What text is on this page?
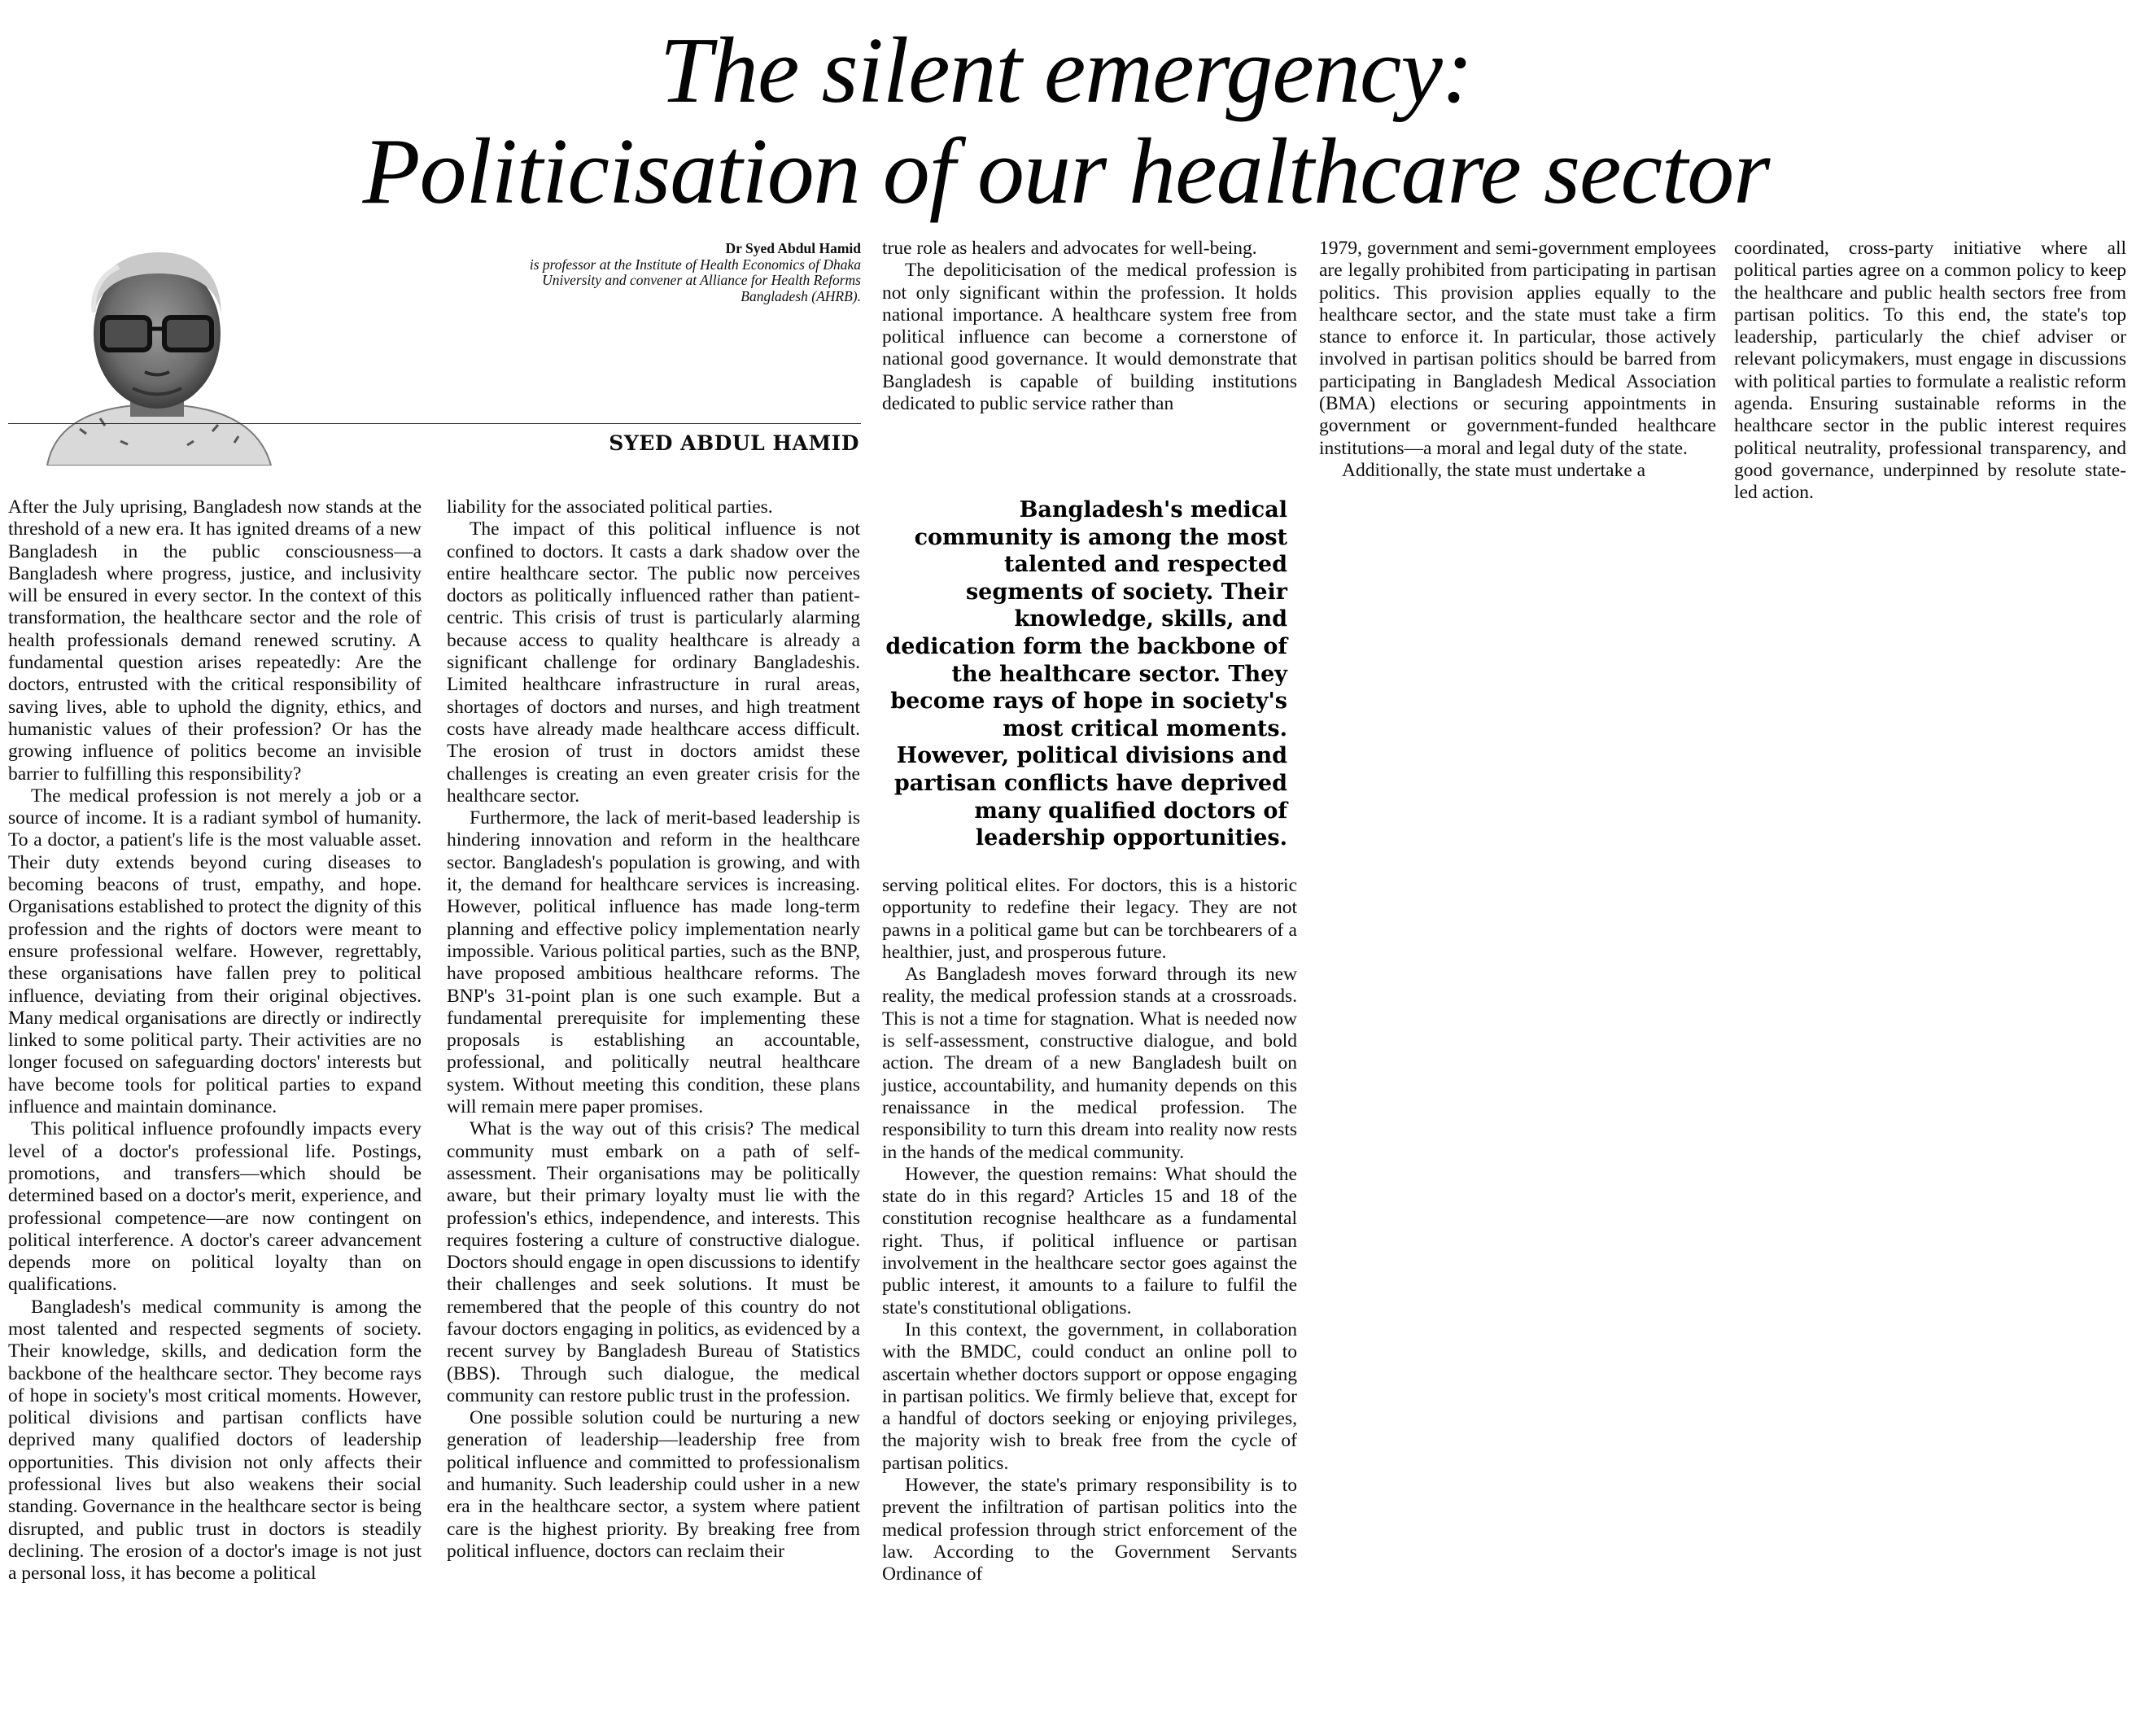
The silent emergency:
Politicisation of our healthcare sector
Dr Syed Abdul Hamid
is professor at the Institute of Health Economics of Dhaka
University and convener at Alliance for Health Reforms
Bangladesh (AHRB).
SYED ABDUL HAMID

After the July uprising, Bangladesh now stands at the threshold of a new era. It has ignited dreams of a new Bangladesh in the public consciousness—a Bangladesh where progress, justice, and inclusivity will be ensured in every sector. In the context of this transformation, the healthcare sector and the role of health professionals demand renewed scrutiny. A fundamental question arises repeatedly: Are the doctors, entrusted with the critical responsibility of saving lives, able to uphold the dignity, ethics, and humanistic values of their profession? Or has the growing influence of politics become an invisible barrier to fulfilling this responsibility?

The medical profession is not merely a job or a source of income. It is a radiant symbol of humanity. To a doctor, a patient's life is the most valuable asset. Their duty extends beyond curing diseases to becoming beacons of trust, empathy, and hope. Organisations established to protect the dignity of this profession and the rights of doctors were meant to ensure professional welfare. However, regrettably, these organisations have fallen prey to political influence, deviating from their original objectives. Many medical organisations are directly or indirectly linked to some political party. Their activities are no longer focused on safeguarding doctors' interests but have become tools for political parties to expand influence and maintain dominance.

This political influence profoundly impacts every level of a doctor's professional life. Postings, promotions, and transfers—which should be determined based on a doctor's merit, experience, and professional competence—are now contingent on political interference. A doctor's career advancement depends more on political loyalty than on qualifications.

Bangladesh's medical community is among the most talented and respected segments of society. Their knowledge, skills, and dedication form the backbone of the healthcare sector. They become rays of hope in society's most critical moments. However, political divisions and partisan conflicts have deprived many qualified doctors of leadership opportunities. This division not only affects their professional lives but also weakens their social standing. Governance in the healthcare sector is being disrupted, and public trust in doctors is steadily declining. The erosion of a doctor's image is not just a personal loss, it has become a political

liability for the associated political parties.

The impact of this political influence is not confined to doctors. It casts a dark shadow over the entire healthcare sector. The public now perceives doctors as politically influenced rather than patient-centric. This crisis of trust is particularly alarming because access to quality healthcare is already a significant challenge for ordinary Bangladeshis. Limited healthcare infrastructure in rural areas, shortages of doctors and nurses, and high treatment costs have already made healthcare access difficult. The erosion of trust in doctors amidst these challenges is creating an even greater crisis for the healthcare sector.

Furthermore, the lack of merit-based leadership is hindering innovation and reform in the healthcare sector. Bangladesh's population is growing, and with it, the demand for healthcare services is increasing. However, political influence has made long-term planning and effective policy implementation nearly impossible. Various political parties, such as the BNP, have proposed ambitious healthcare reforms. The BNP's 31-point plan is one such example. But a fundamental prerequisite for implementing these proposals is establishing an accountable, professional, and politically neutral healthcare system. Without meeting this condition, these plans will remain mere paper promises.

What is the way out of this crisis? The medical community must embark on a path of self-assessment. Their organisations may be politically aware, but their primary loyalty must lie with the profession's ethics, independence, and interests. This requires fostering a culture of constructive dialogue. Doctors should engage in open discussions to identify their challenges and seek solutions. It must be remembered that the people of this country do not favour doctors engaging in politics, as evidenced by a recent survey by Bangladesh Bureau of Statistics (BBS). Through such dialogue, the medical community can restore public trust in the profession.

One possible solution could be nurturing a new generation of leadership—leadership free from political influence and committed to professionalism and humanity. Such leadership could usher in a new era in the healthcare sector, a system where patient care is the highest priority. By breaking free from political influence, doctors can reclaim their

true role as healers and advocates for well-being.

The depoliticisation of the medical profession is not only significant within the profession. It holds national importance. A healthcare system free from political influence can become a cornerstone of national good governance. It would demonstrate that Bangladesh is capable of building institutions dedicated to public service rather than

Bangladesh's medical community is among the most talented and respected segments of society. Their knowledge, skills, and dedication form the backbone of the healthcare sector. They become rays of hope in society's most critical moments. However, political divisions and partisan conflicts have deprived many qualified doctors of leadership opportunities.

serving political elites. For doctors, this is a historic opportunity to redefine their legacy. They are not pawns in a political game but can be torchbearers of a healthier, just, and prosperous future.

As Bangladesh moves forward through its new reality, the medical profession stands at a crossroads. This is not a time for stagnation. What is needed now is self-assessment, constructive dialogue, and bold action. The dream of a new Bangladesh built on justice, accountability, and humanity depends on this renaissance in the medical profession. The responsibility to turn this dream into reality now rests in the hands of the medical community.

However, the question remains: What should the state do in this regard? Articles 15 and 18 of the constitution recognise healthcare as a fundamental right. Thus, if political influence or partisan involvement in the healthcare sector goes against the public interest, it amounts to a failure to fulfil the state's constitutional obligations.

In this context, the government, in collaboration with the BMDC, could conduct an online poll to ascertain whether doctors support or oppose engaging in partisan politics. We firmly believe that, except for a handful of doctors seeking or enjoying privileges, the majority wish to break free from the cycle of partisan politics.

However, the state's primary responsibility is to prevent the infiltration of partisan politics into the medical profession through strict enforcement of the law. According to the Government Servants Ordinance of

1979, government and semi-government employees are legally prohibited from participating in partisan politics. This provision applies equally to the healthcare sector, and the state must take a firm stance to enforce it. In particular, those actively involved in partisan politics should be barred from participating in Bangladesh Medical Association (BMA) elections or securing appointments in government or government-funded healthcare institutions—a moral and legal duty of the state.

Additionally, the state must undertake a

coordinated, cross-party initiative where all political parties agree on a common policy to keep the healthcare and public health sectors free from partisan politics. To this end, the state's top leadership, particularly the chief adviser or relevant policymakers, must engage in discussions with political parties to formulate a realistic reform agenda. Ensuring sustainable reforms in the healthcare sector in the public interest requires political neutrality, professional transparency, and good governance, underpinned by resolute state-led action.
